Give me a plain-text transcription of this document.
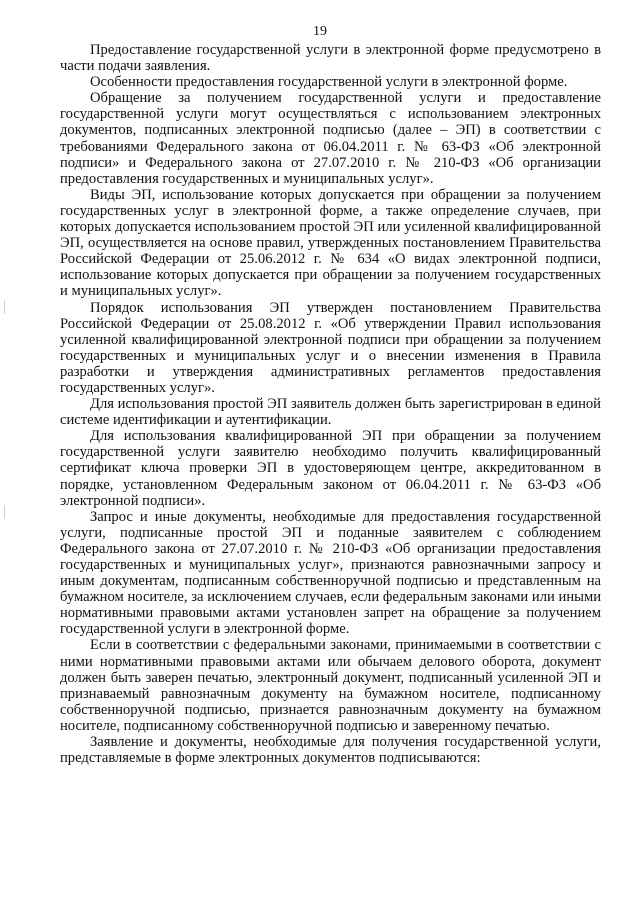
19

Предоставление государственной услуги в электронной форме предусмотрено в части подачи заявления.

Особенности предоставления государственной услуги в электронной форме.

Обращение за получением государственной услуги и предоставление государственной услуги могут осуществляться с использованием электронных документов, подписанных электронной подписью (далее – ЭП) в соответствии с требованиями Федерального закона от 06.04.2011 г. № 63-ФЗ «Об электронной подписи» и Федерального закона от 27.07.2010 г. № 210-ФЗ «Об организации предоставления государственных и муниципальных услуг».

Виды ЭП, использование которых допускается при обращении за получением государственных услуг в электронной форме, а также определение случаев, при которых допускается использованием простой ЭП или усиленной квалифицированной ЭП, осуществляется на основе правил, утвержденных постановлением Правительства Российской Федерации от 25.06.2012 г. № 634 «О видах электронной подписи, использование которых допускается при обращении за получением государственных и муниципальных услуг».

Порядок использования ЭП утвержден постановлением Правительства Российской Федерации от 25.08.2012 г. «Об утверждении Правил использования усиленной квалифицированной электронной подписи при обращении за получением государственных и муниципальных услуг и о внесении изменения в Правила разработки и утверждения административных регламентов предоставления государственных услуг».

Для использования простой ЭП заявитель должен быть зарегистрирован в единой системе идентификации и аутентификации.

Для использования квалифицированной ЭП при обращении за получением государственной услуги заявителю необходимо получить квалифицированный сертификат ключа проверки ЭП в удостоверяющем центре, аккредитованном в порядке, установленном Федеральным законом от 06.04.2011 г. № 63-ФЗ «Об электронной подписи».

Запрос и иные документы, необходимые для предоставления государственной услуги, подписанные простой ЭП и поданные заявителем с соблюдением Федерального закона от 27.07.2010 г. № 210-ФЗ «Об организации предоставления государственных и муниципальных услуг», признаются равнозначными запросу и иным документам, подписанным собственноручной подписью и представленным на бумажном носителе, за исключением случаев, если федеральным законами или иными нормативными правовыми актами установлен запрет на обращение за получением государственной услуги в электронной форме.

Если в соответствии с федеральными законами, принимаемыми в соответствии с ними нормативными правовыми актами или обычаем делового оборота, документ должен быть заверен печатью, электронный документ, подписанный усиленной ЭП и признаваемый равнозначным документу на бумажном носителе, подписанному собственноручной подписью, признается равнозначным документу на бумажном носителе, подписанному собственноручной подписью и заверенному печатью.

Заявление и документы, необходимые для получения государственной услуги, представляемые в форме электронных документов подписываются:
